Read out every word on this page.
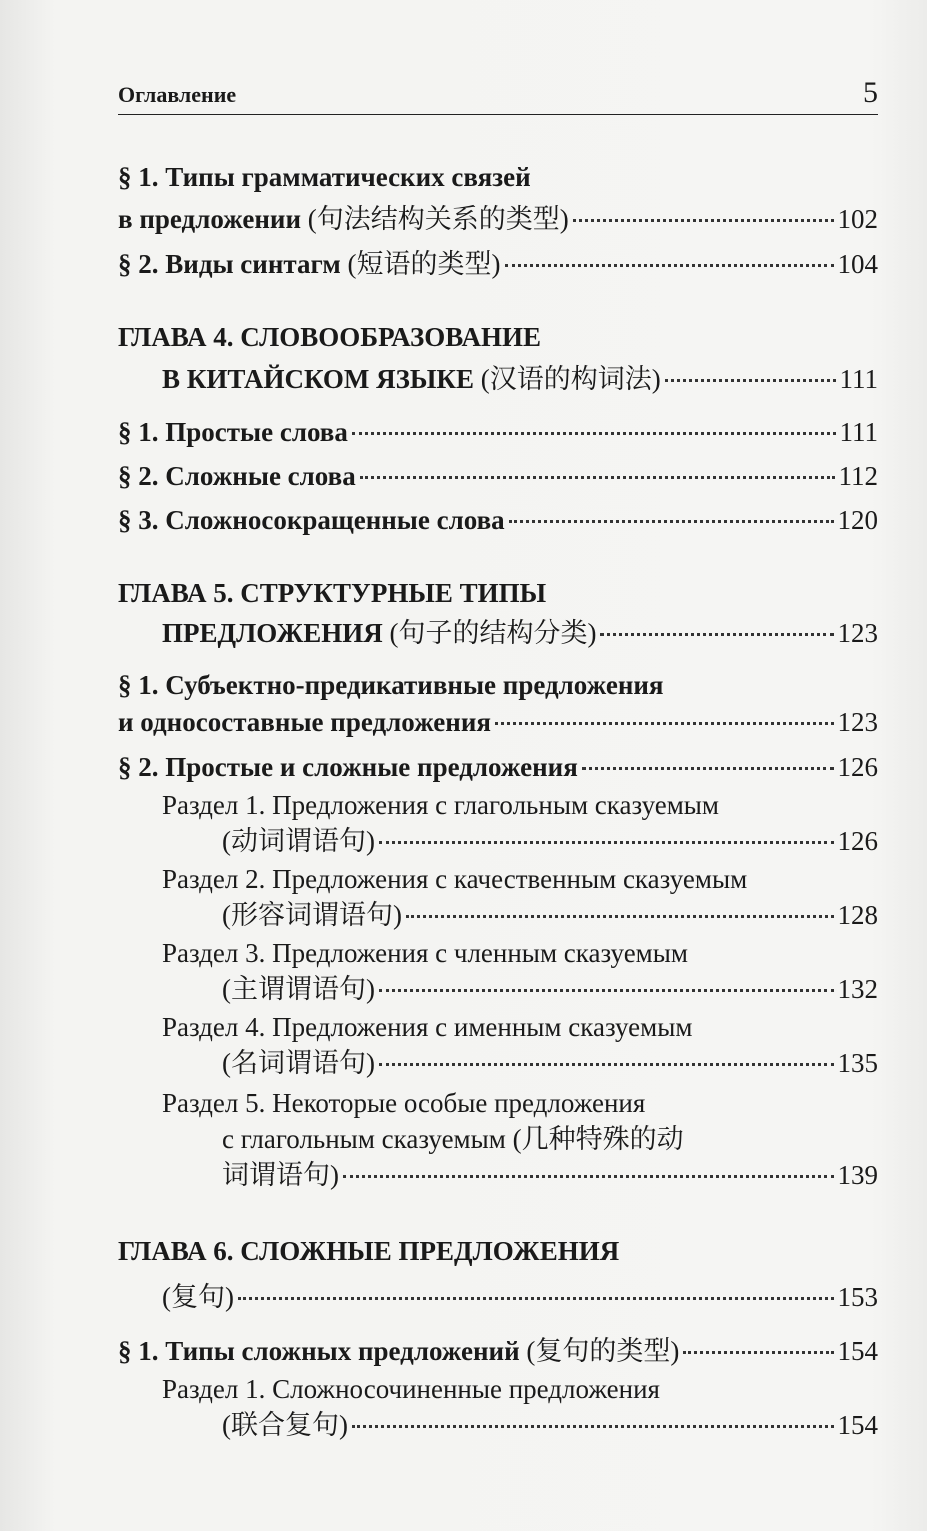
Оглавление	5
§ 1. Типы грамматических связей
в предложении (句法结构关系的类型)	102
§ 2. Виды синтагм (短语的类型)	104
ГЛАВА 4. СЛОВООБРАЗОВАНИЕ
В КИТАЙСКОМ ЯЗЫКЕ (汉语的构词法)	111
§ 1. Простые слова	111
§ 2. Сложные слова	112
§ 3. Сложносокращенные слова	120
ГЛАВА 5. СТРУКТУРНЫЕ ТИПЫ
ПРЕДЛОЖЕНИЯ (句子的结构分类)	123
§ 1. Субъектно-предикативные предложения
и односоставные предложения	123
§ 2. Простые и сложные предложения	126
Раздел 1. Предложения с глагольным сказуемым
(动词谓语句)	126
Раздел 2. Предложения с качественным сказуемым
(形容词谓语句)	128
Раздел 3. Предложения с членным сказуемым
(主谓谓语句)	132
Раздел 4. Предложения с именным сказуемым
(名词谓语句)	135
Раздел 5. Некоторые особые предложения
с глагольным сказуемым (几种特殊的动
词谓语句)	139
ГЛАВА 6. СЛОЖНЫЕ ПРЕДЛОЖЕНИЯ
(复句)	153
§ 1. Типы сложных предложений (复句的类型)	154
Раздел 1. Сложносочиненные предложения
(联合复句)	154
